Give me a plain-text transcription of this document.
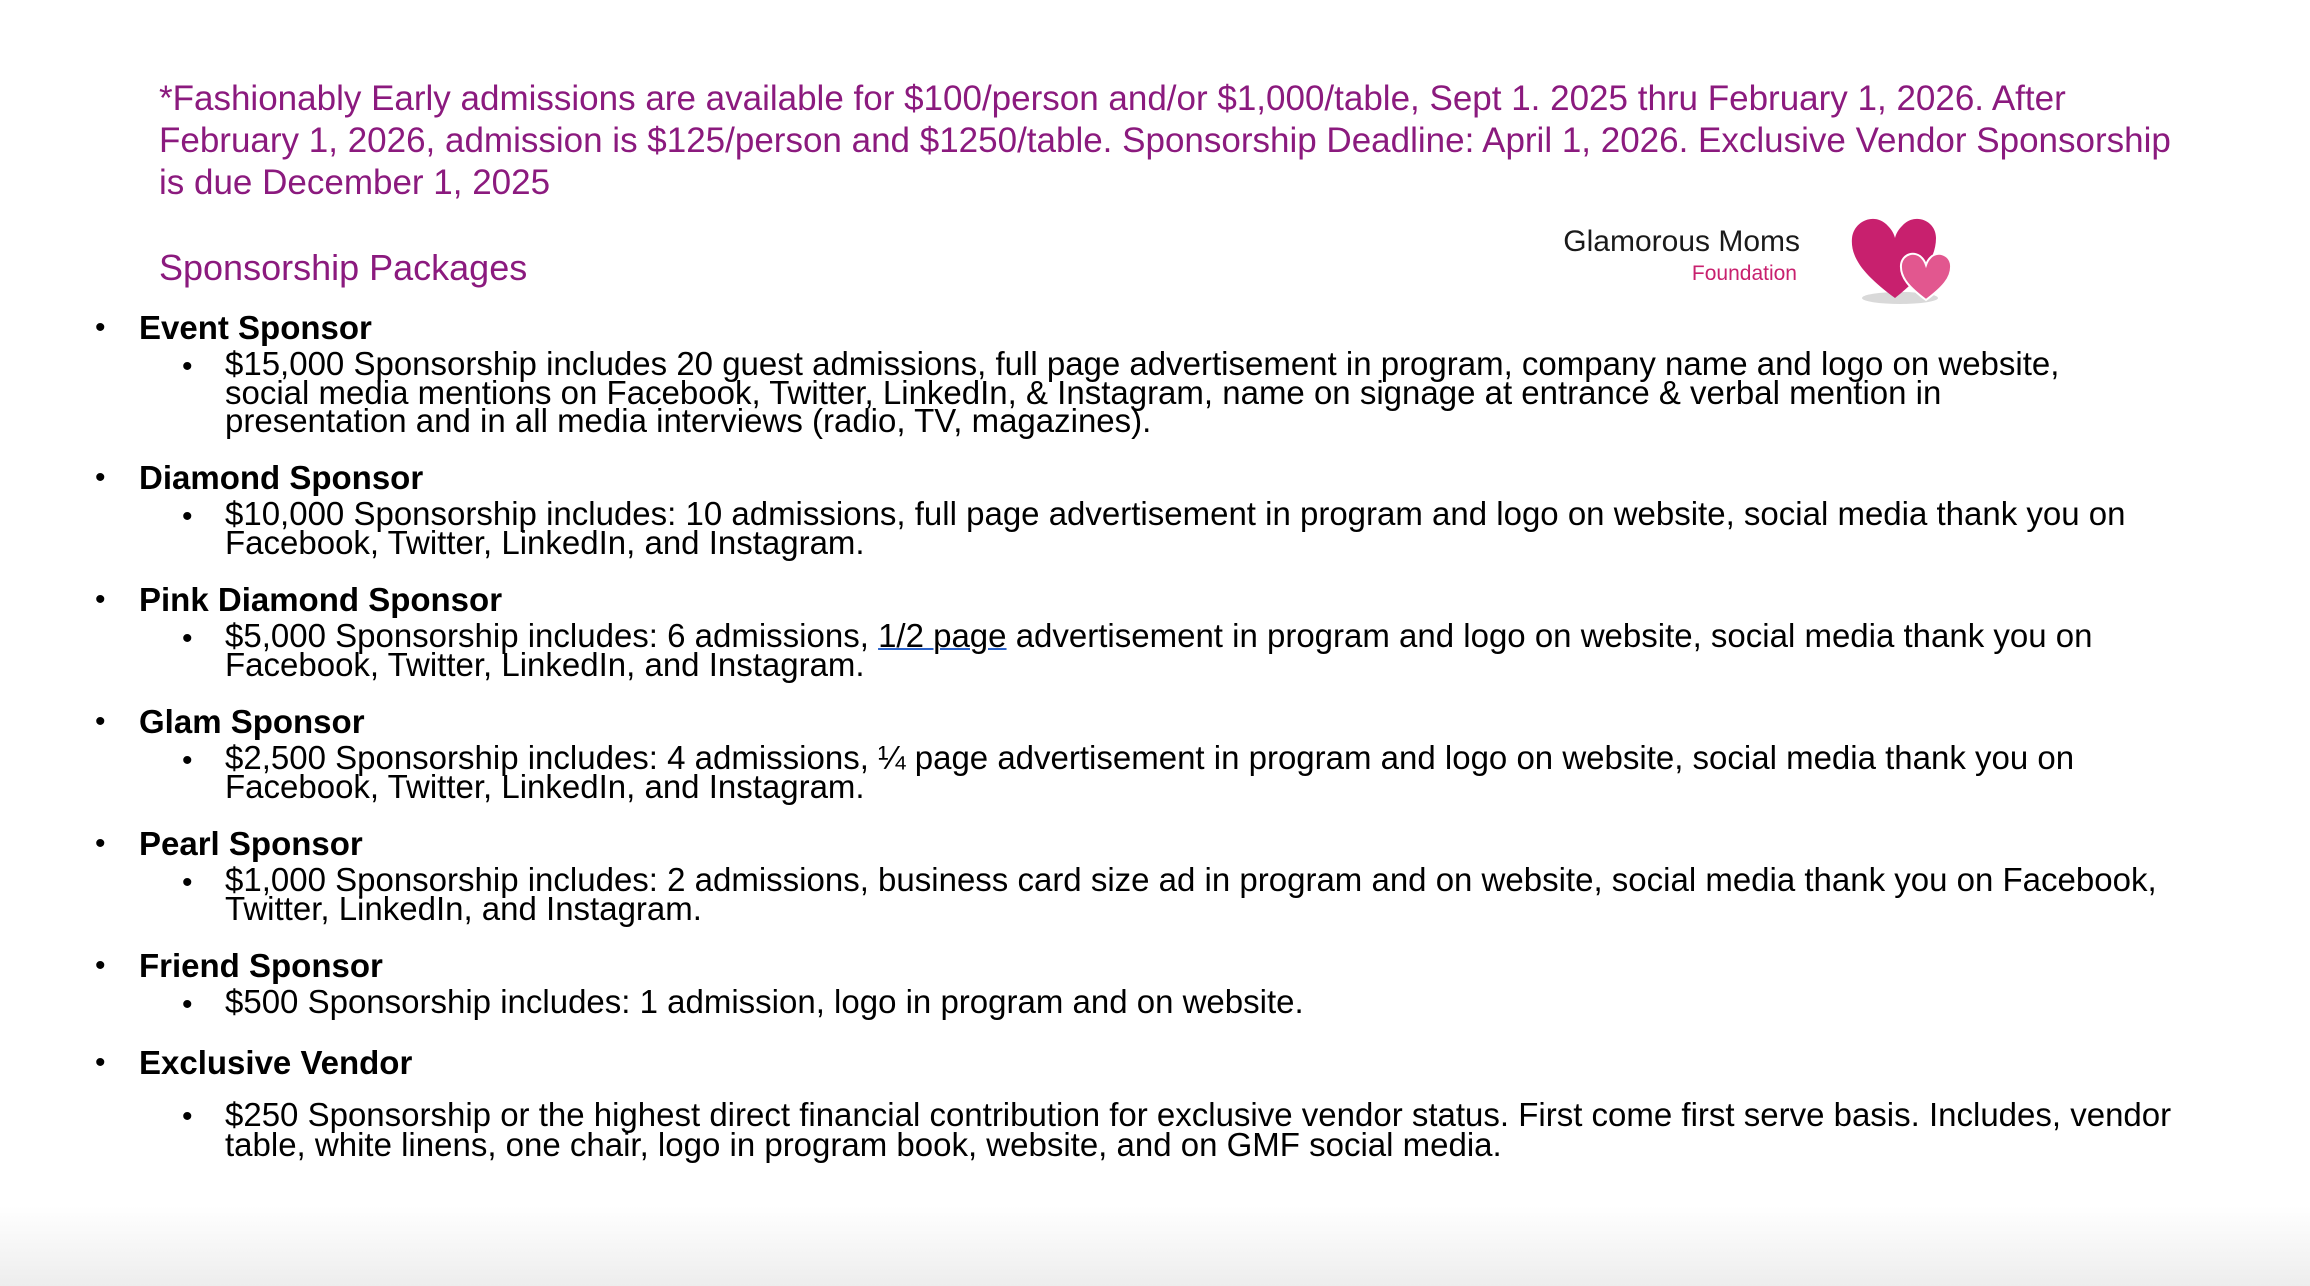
*Fashionably Early admissions are available for $100/person and/or $1,000/table, Sept 1. 2025 thru February 1, 2026. After February 1, 2026, admission is $125/person and $1250/table. Sponsorship Deadline: April 1, 2026. Exclusive Vendor Sponsorship is due December 1, 2025
Sponsorship Packages
Glamorous Moms
Foundation
• Event Sponsor
• $15,000 Sponsorship includes 20 guest admissions, full page advertisement in program, company name and logo on website, social media mentions on Facebook, Twitter, LinkedIn, & Instagram, name on signage at entrance & verbal mention in presentation and in all media interviews (radio, TV, magazines).
• Diamond Sponsor
• $10,000 Sponsorship includes: 10 admissions, full page advertisement in program and logo on website, social media thank you on Facebook, Twitter, LinkedIn, and Instagram.
• Pink Diamond Sponsor
• $5,000 Sponsorship includes: 6 admissions, 1/2 page advertisement in program and logo on website, social media thank you on Facebook, Twitter, LinkedIn, and Instagram.
• Glam Sponsor
• $2,500 Sponsorship includes: 4 admissions, ¼ page advertisement in program and logo on website, social media thank you on Facebook, Twitter, LinkedIn, and Instagram.
• Pearl Sponsor
• $1,000 Sponsorship includes: 2 admissions, business card size ad in program and on website, social media thank you on Facebook, Twitter, LinkedIn, and Instagram.
• Friend Sponsor
• $500 Sponsorship includes: 1 admission, logo in program and on website.
• Exclusive Vendor
• $250 Sponsorship or the highest direct financial contribution for exclusive vendor status. First come first serve basis. Includes, vendor table, white linens, one chair, logo in program book, website, and on GMF social media.
